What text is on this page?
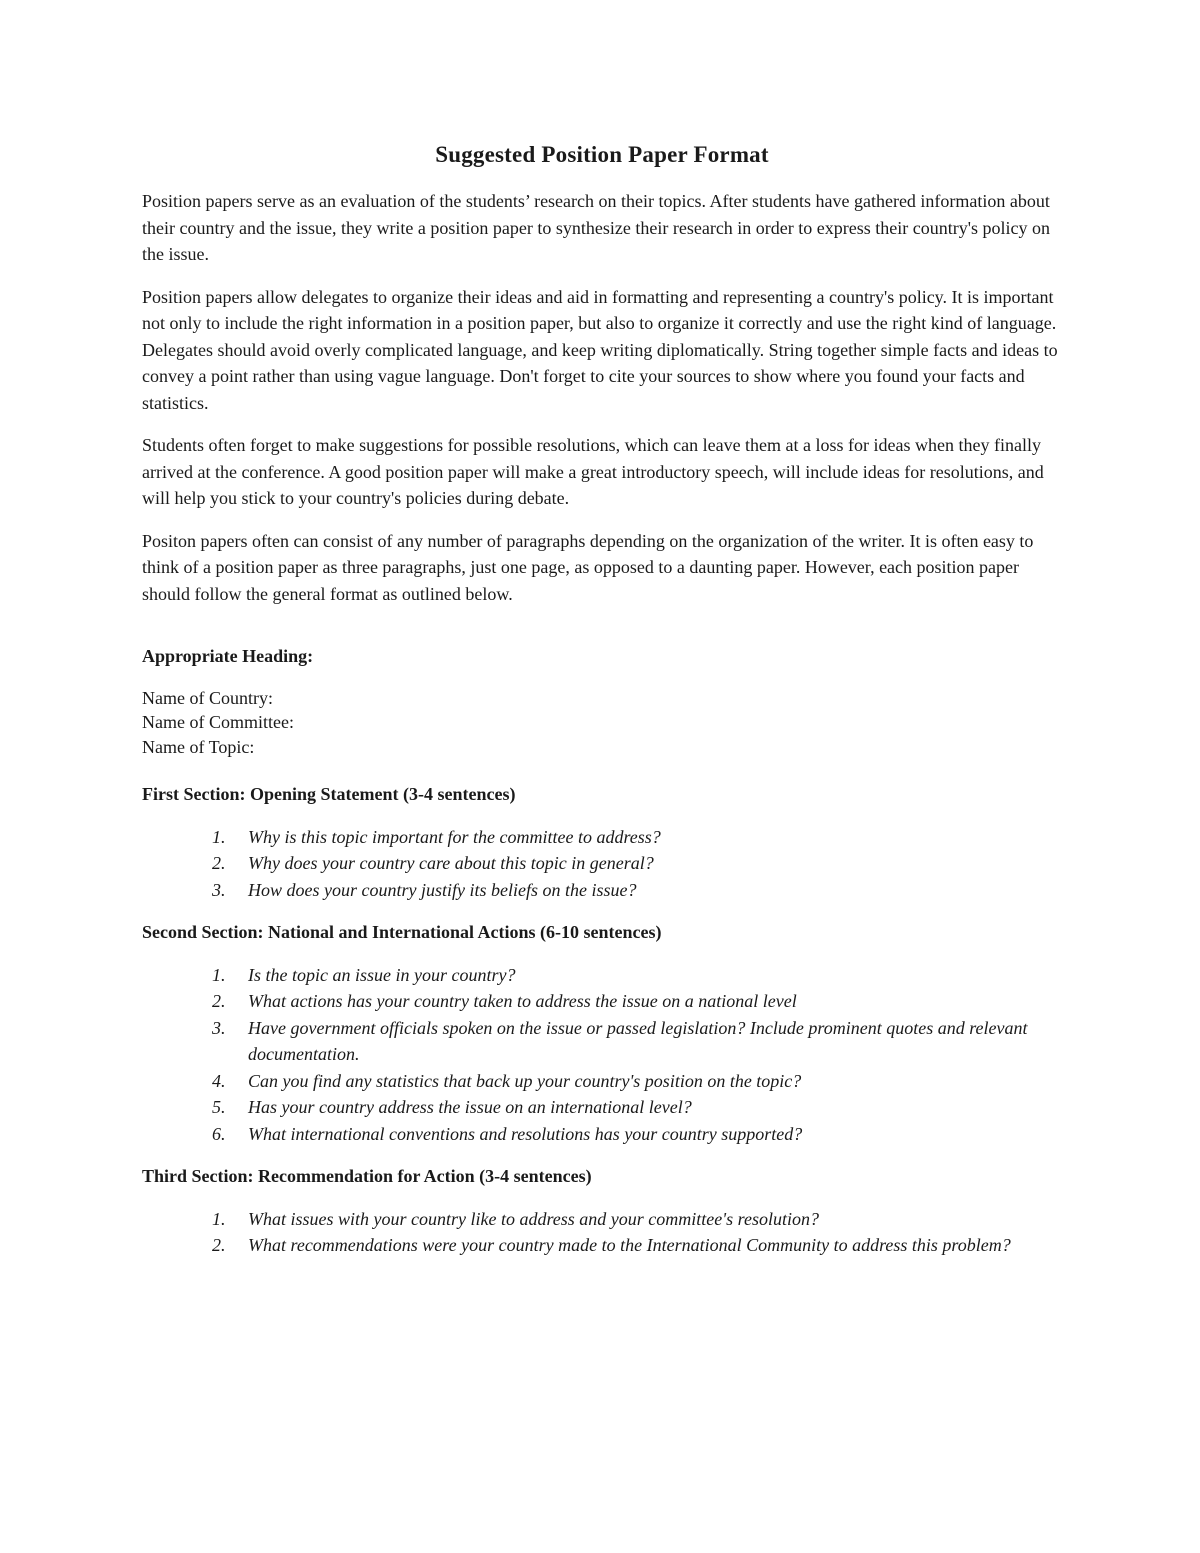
Suggested Position Paper Format

Position papers serve as an evaluation of the students’ research on their topics. After students have gathered information about their country and the issue, they write a position paper to synthesize their research in order to express their country's policy on the issue.

Position papers allow delegates to organize their ideas and aid in formatting and representing a country's policy. It is important not only to include the right information in a position paper, but also to organize it correctly and use the right kind of language. Delegates should avoid overly complicated language, and keep writing diplomatically. String together simple facts and ideas to convey a point rather than using vague language. Don't forget to cite your sources to show where you found your facts and statistics.

Students often forget to make suggestions for possible resolutions, which can leave them at a loss for ideas when they finally arrived at the conference. A good position paper will make a great introductory speech, will include ideas for resolutions, and will help you stick to your country's policies during debate.

Positon papers often can consist of any number of paragraphs depending on the organization of the writer. It is often easy to think of a position paper as three paragraphs, just one page, as opposed to a daunting paper. However, each position paper should follow the general format as outlined below.

Appropriate Heading:
Name of Country:
Name of Committee:
Name of Topic:
First Section: Opening Statement (3-4 sentences)
1. Why is this topic important for the committee to address?
2. Why does your country care about this topic in general?
3. How does your country justify its beliefs on the issue?
Second Section: National and International Actions (6-10 sentences)
1. Is the topic an issue in your country?
2. What actions has your country taken to address the issue on a national level
3. Have government officials spoken on the issue or passed legislation? Include prominent quotes and relevant documentation.
4. Can you find any statistics that back up your country's position on the topic?
5. Has your country address the issue on an international level?
6. What international conventions and resolutions has your country supported?
Third Section: Recommendation for Action (3-4 sentences)
1. What issues with your country like to address and your committee's resolution?
2. What recommendations were your country made to the International Community to address this problem?
